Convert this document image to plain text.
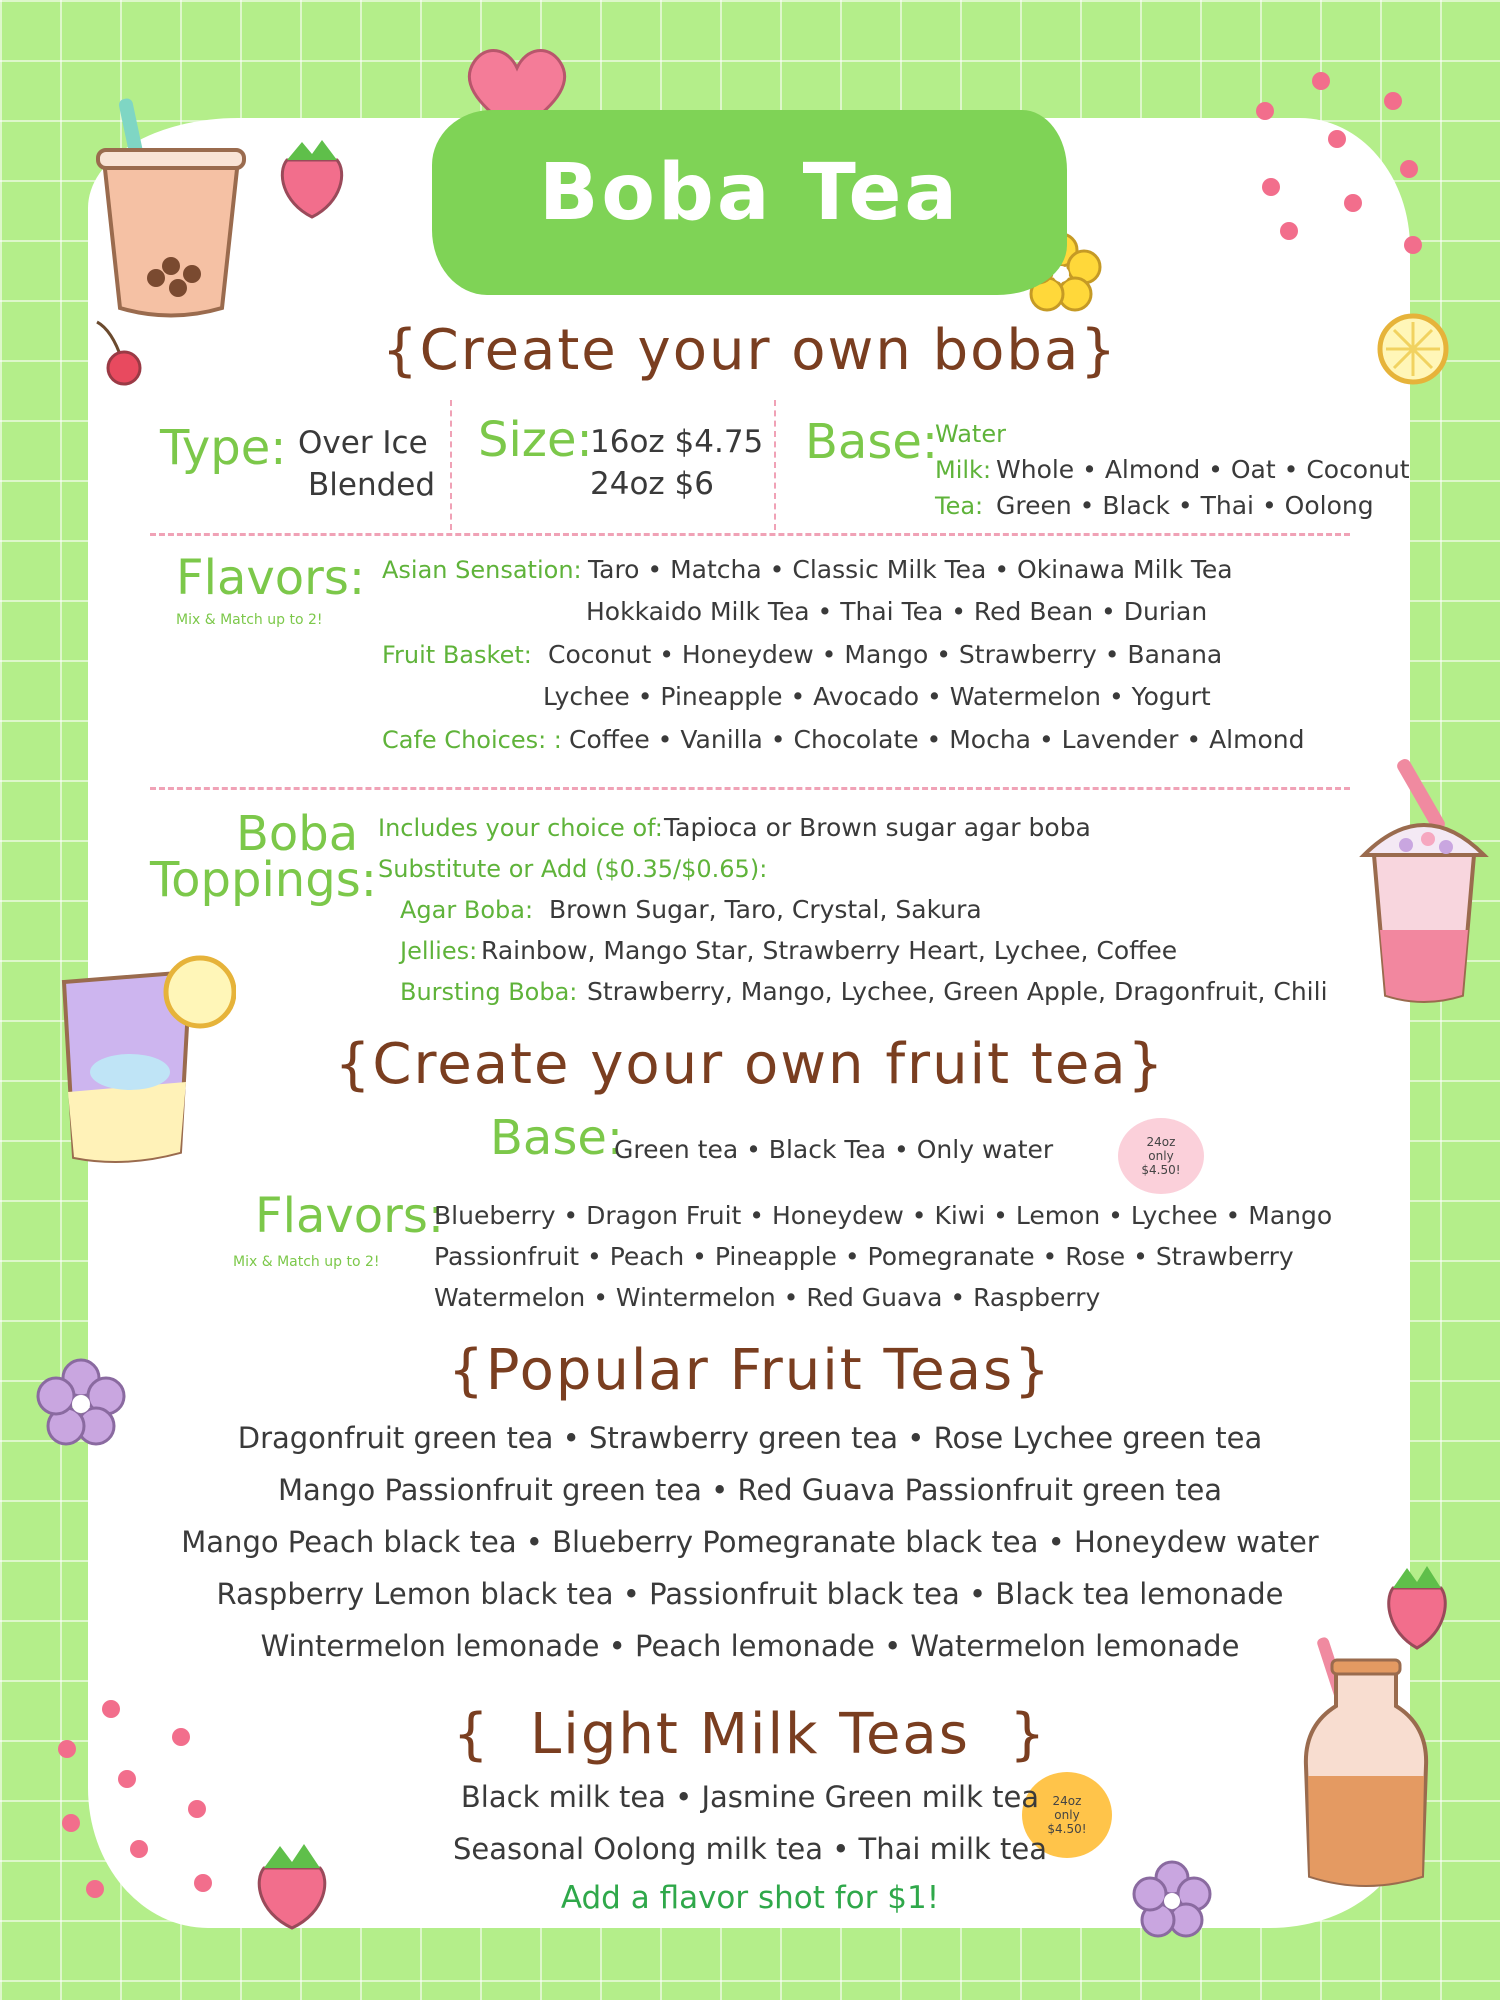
Boba Tea
{Create your own boba}
Type: Over Ice
Blended
Size:
16oz $4.75
24oz $6
Base:
Water
Milk: Whole • Almond • Oat • Coconut
Tea: Green • Black • Thai • Oolong
Flavors:
Mix & Match up to 2!
Asian Sensation: Taro • Matcha • Classic Milk Tea • Okinawa Milk Tea
Hokkaido Milk Tea • Thai Tea • Red Bean • Durian
Fruit Basket: Coconut • Honeydew • Mango • Strawberry • Banana
Lychee • Pineapple • Avocado • Watermelon • Yogurt
Cafe Choices: : Coffee • Vanilla • Chocolate • Mocha • Lavender • Almond
Boba
Toppings:
Includes your choice of: Tapioca or Brown sugar agar boba
Substitute or Add ($0.35/$0.65):
Agar Boba: Brown Sugar, Taro, Crystal, Sakura
Jellies: Rainbow, Mango Star, Strawberry Heart, Lychee, Coffee
Bursting Boba: Strawberry, Mango, Lychee, Green Apple, Dragonfruit, Chili
{Create your own fruit tea}
24oz
only
$4.50!
Base:
Green tea • Black Tea • Only water
Flavors:
Mix & Match up to 2!
Blueberry • Dragon Fruit • Honeydew • Kiwi • Lemon • Lychee • Mango
Passionfruit • Peach • Pineapple • Pomegranate • Rose • Strawberry
Watermelon • Wintermelon • Red Guava • Raspberry
{Popular Fruit Teas}
Dragonfruit green tea • Strawberry green tea • Rose Lychee green tea
Mango Passionfruit green tea • Red Guava Passionfruit green tea
Mango Peach black tea • Blueberry Pomegranate black tea • Honeydew water
Raspberry Lemon black tea • Passionfruit black tea • Black tea lemonade
Wintermelon lemonade • Peach lemonade • Watermelon lemonade
{  Light Milk Teas  }
24oz
only
$4.50!
Black milk tea • Jasmine Green milk tea
Seasonal Oolong milk tea • Thai milk tea
Add a flavor shot for $1!
